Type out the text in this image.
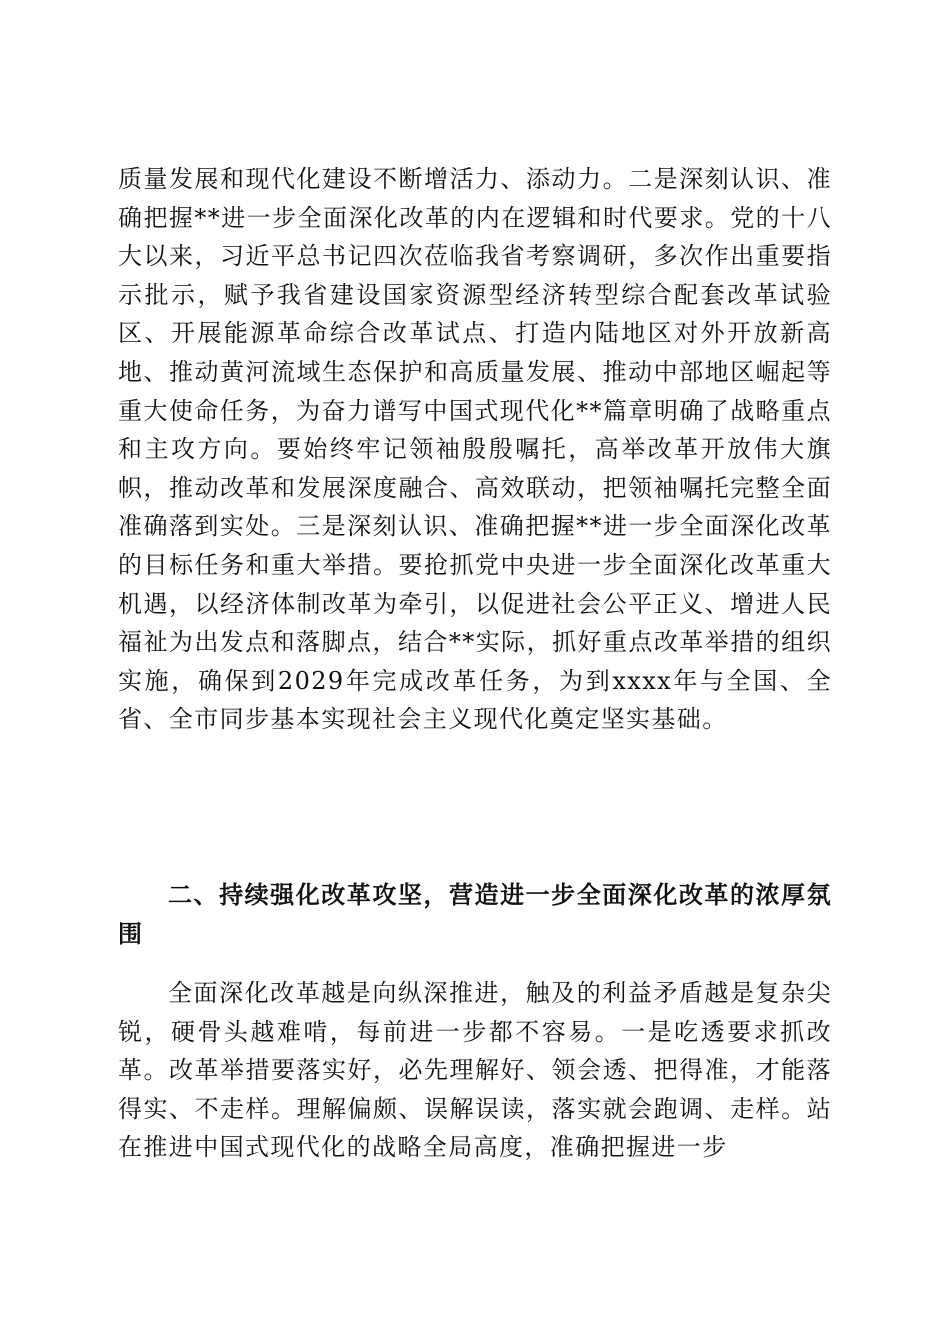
质量发展和现代化建设不断增活力、添动力。二是深刻认识、准确把握**进一步全面深化改革的内在逻辑和时代要求。党的十八大以来，习近平总书记四次莅临我省考察调研，多次作出重要指示批示，赋予我省建设国家资源型经济转型综合配套改革试验区、开展能源革命综合改革试点、打造内陆地区对外开放新高地、推动黄河流域生态保护和高质量发展、推动中部地区崛起等重大使命任务，为奋力谱写中国式现代化**篇章明确了战略重点和主攻方向。要始终牢记领袖殷殷嘱托，高举改革开放伟大旗帜，推动改革和发展深度融合、高效联动，把领袖嘱托完整全面准确落到实处。三是深刻认识、准确把握**进一步全面深化改革的目标任务和重大举措。要抢抓党中央进一步全面深化改革重大机遇，以经济体制改革为牵引，以促进社会公平正义、增进人民福祉为出发点和落脚点，结合**实际，抓好重点改革举措的组织实施，确保到2029年完成改革任务，为到xxxx年与全国、全省、全市同步基本实现社会主义现代化奠定坚实基础。

二、持续强化改革攻坚，营造进一步全面深化改革的浓厚氛围

全面深化改革越是向纵深推进，触及的利益矛盾越是复杂尖锐，硬骨头越难啃，每前进一步都不容易。一是吃透要求抓改革。改革举措要落实好，必先理解好、领会透、把得准，才能落得实、不走样。理解偏颇、误解误读，落实就会跑调、走样。站在推进中国式现代化的战略全局高度，准确把握进一步
